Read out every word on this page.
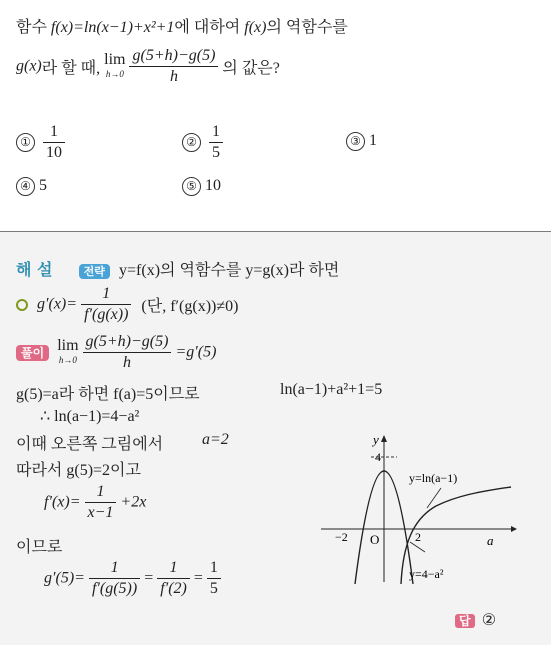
함수 f(x)=ln(x−1)+x²+1에 대하여 f(x)의 역함수를
g(x)라 할 때, lim
h→0
$\frac{g(5+h)-g(5)}{h}$ 의 값은?
① $\frac{1}{10}$	② $\frac{1}{5}$	③ 1
④ 5	⑤ 10
해 설	전략 y=f(x)의 역함수를 y=g(x)라 하면
$g'(x)= \frac{1}{f'(g(x))}$ (단, f′(g(x))≠0)
풀이 lim
h→0
$\frac{g(5+h)-g(5)}{h} =g'(5)$
g(5)=a라 하면 f(a)=5이므로	ln(a−1)+a²+1=5
∴ ln(a−1)=4−a²
이때 오른쪽 그림에서 a=2
따라서 g(5)=2이고
$f'(x)= \frac{1}{x-1} +2x$
이므로
$g'(5)= \frac{1}{f'(g(5))} = \frac{1}{f'(2)} = \frac{1}{5}$
답 ②
y
a
O
4
−2	2
y=ln(a−1)
y=4−a²
